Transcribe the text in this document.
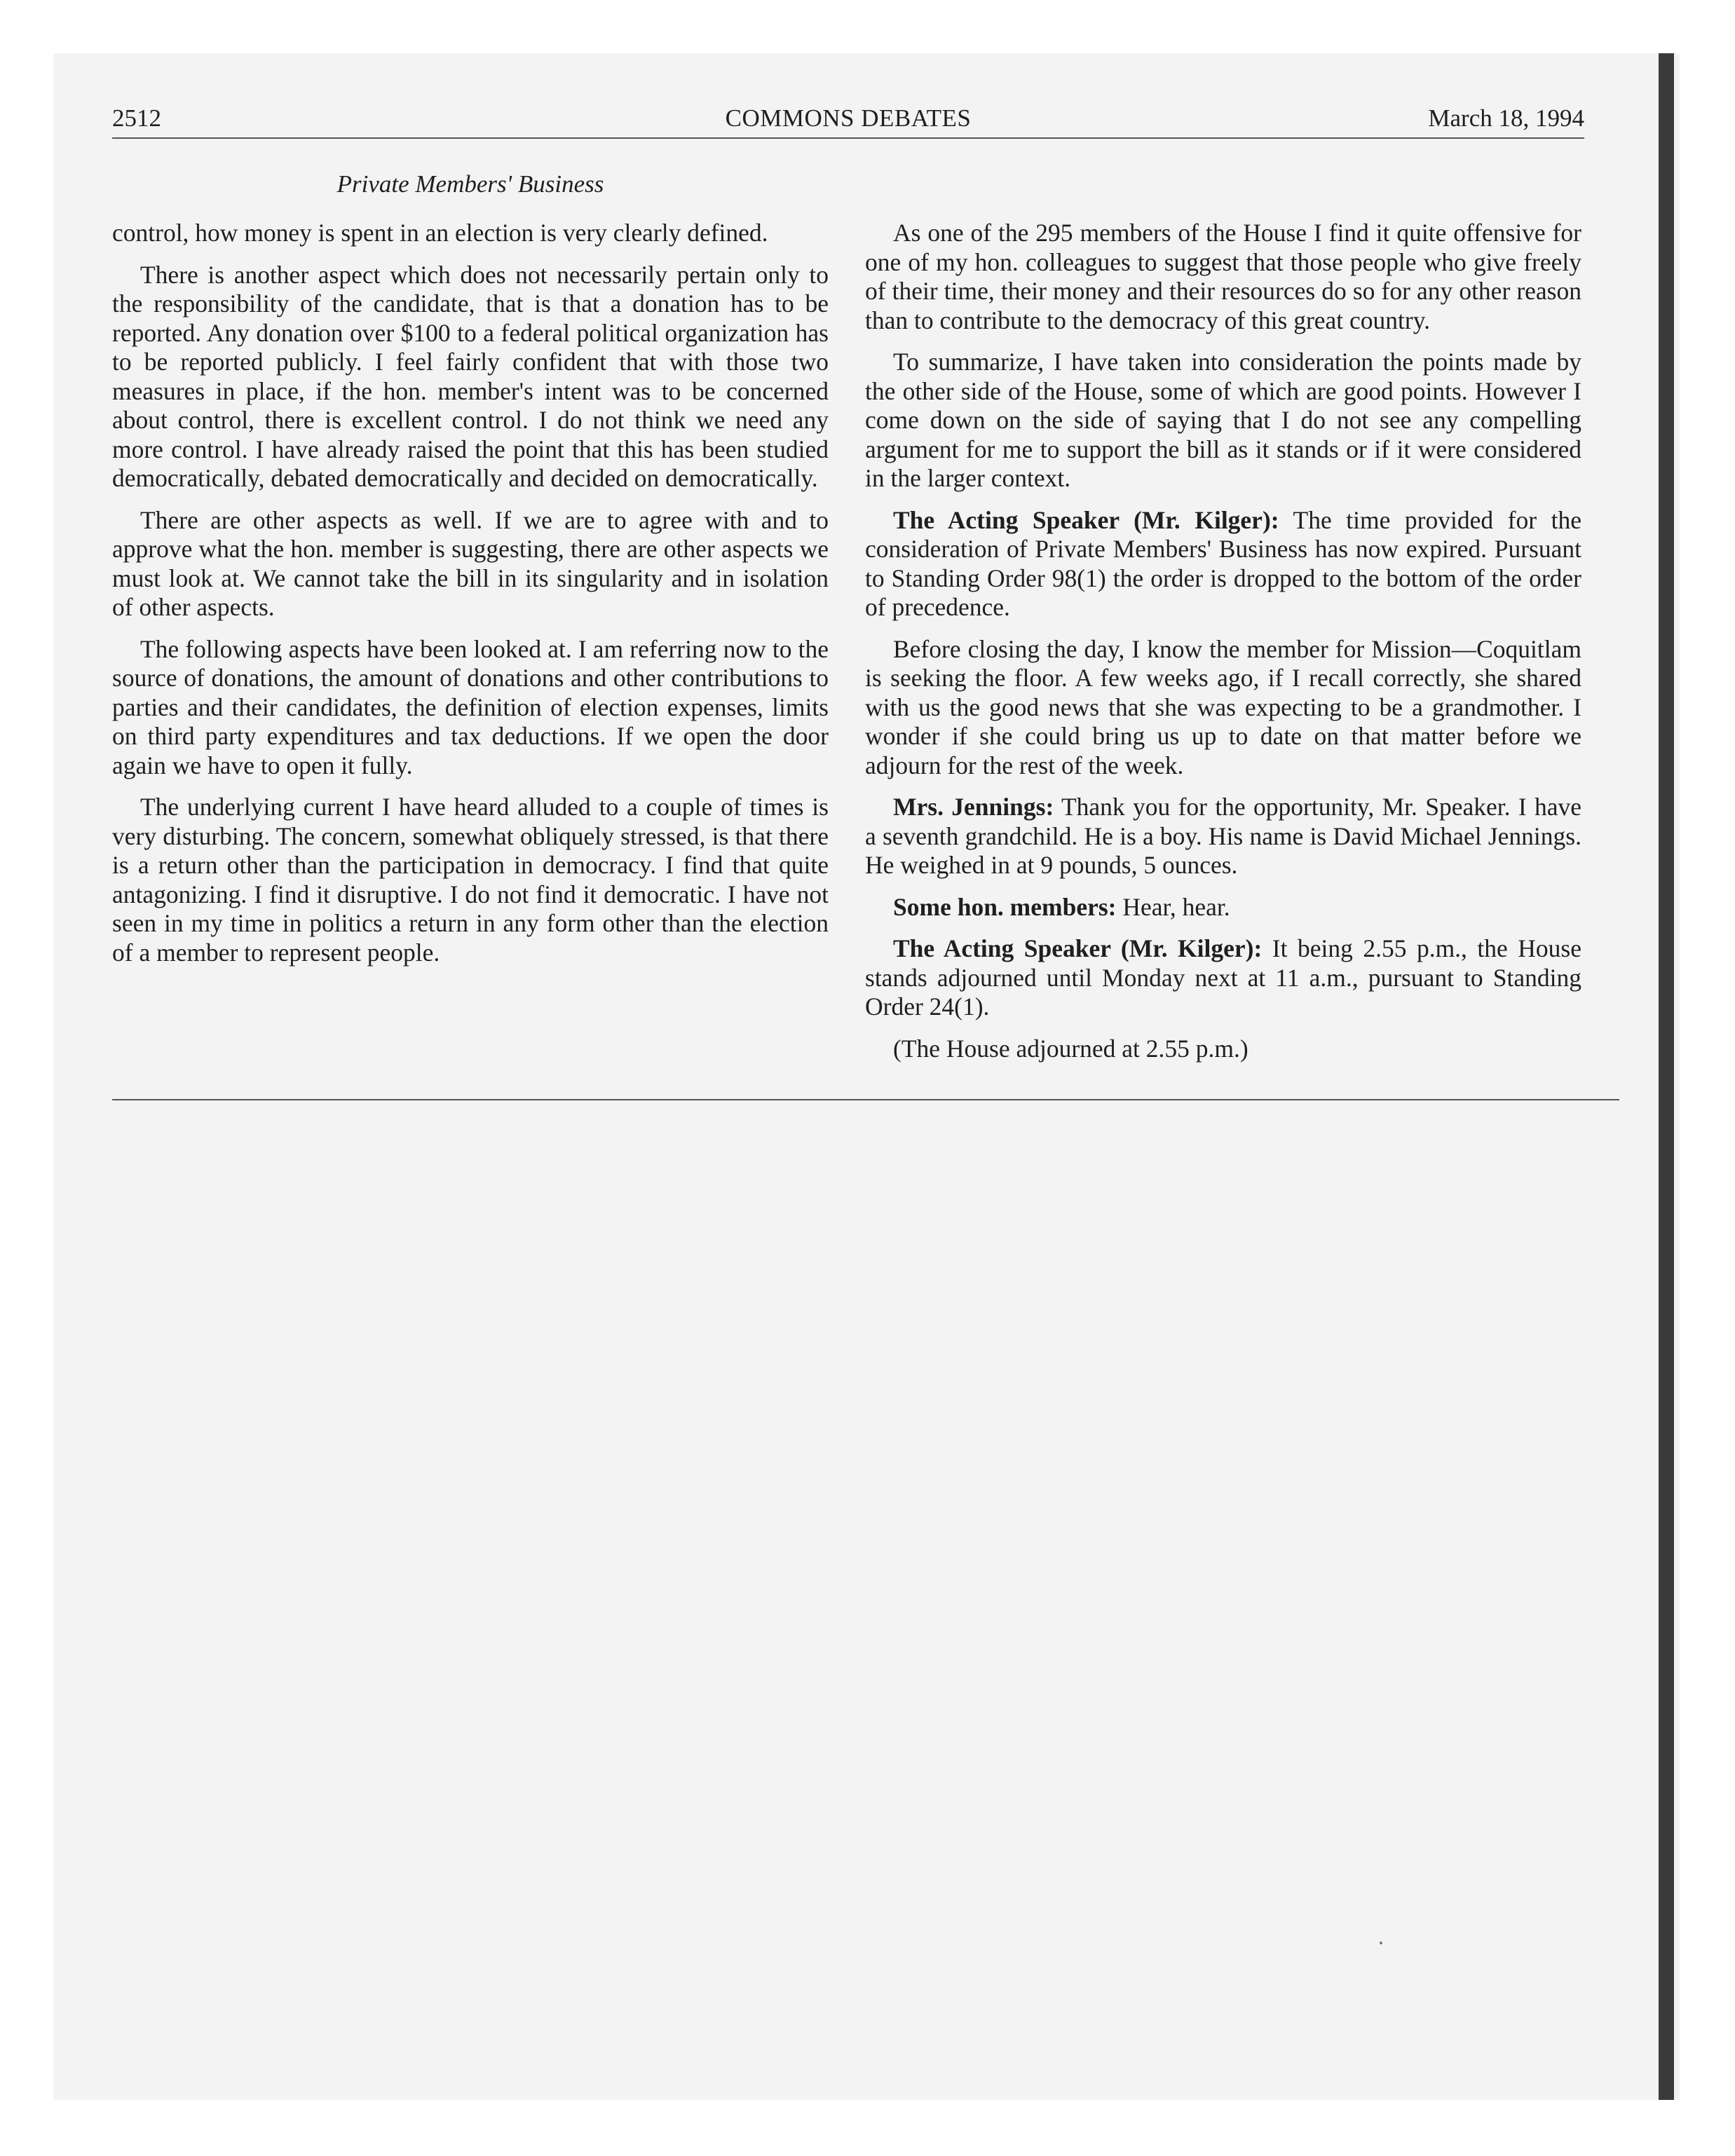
2512	COMMONS DEBATES	March 18, 1994
Private Members' Business

control, how money is spent in an election is very clearly defined.

There is another aspect which does not necessarily pertain only to the responsibility of the candidate, that is that a donation has to be reported. Any donation over $100 to a federal political organization has to be reported publicly. I feel fairly confident that with those two measures in place, if the hon. member's intent was to be concerned about control, there is excellent control. I do not think we need any more control. I have already raised the point that this has been studied democratically, debated democratically and decided on democratically.

There are other aspects as well. If we are to agree with and to approve what the hon. member is suggesting, there are other aspects we must look at. We cannot take the bill in its singularity and in isolation of other aspects.

The following aspects have been looked at. I am referring now to the source of donations, the amount of donations and other contributions to parties and their candidates, the definition of election expenses, limits on third party expenditures and tax deductions. If we open the door again we have to open it fully.

The underlying current I have heard alluded to a couple of times is very disturbing. The concern, somewhat obliquely stressed, is that there is a return other than the participation in democracy. I find that quite antagonizing. I find it disruptive. I do not find it democratic. I have not seen in my time in politics a return in any form other than the election of a member to represent people.

As one of the 295 members of the House I find it quite offensive for one of my hon. colleagues to suggest that those people who give freely of their time, their money and their resources do so for any other reason than to contribute to the democracy of this great country.

To summarize, I have taken into consideration the points made by the other side of the House, some of which are good points. However I come down on the side of saying that I do not see any compelling argument for me to support the bill as it stands or if it were considered in the larger context.

The Acting Speaker (Mr. Kilger): The time provided for the consideration of Private Members' Business has now expired. Pursuant to Standing Order 98(1) the order is dropped to the bottom of the order of precedence.

Before closing the day, I know the member for Mission—Coquitlam is seeking the floor. A few weeks ago, if I recall correctly, she shared with us the good news that she was expecting to be a grandmother. I wonder if she could bring us up to date on that matter before we adjourn for the rest of the week.

Mrs. Jennings: Thank you for the opportunity, Mr. Speaker. I have a seventh grandchild. He is a boy. His name is David Michael Jennings. He weighed in at 9 pounds, 5 ounces.

Some hon. members: Hear, hear.

The Acting Speaker (Mr. Kilger): It being 2.55 p.m., the House stands adjourned until Monday next at 11 a.m., pursuant to Standing Order 24(1).

(The House adjourned at 2.55 p.m.)
